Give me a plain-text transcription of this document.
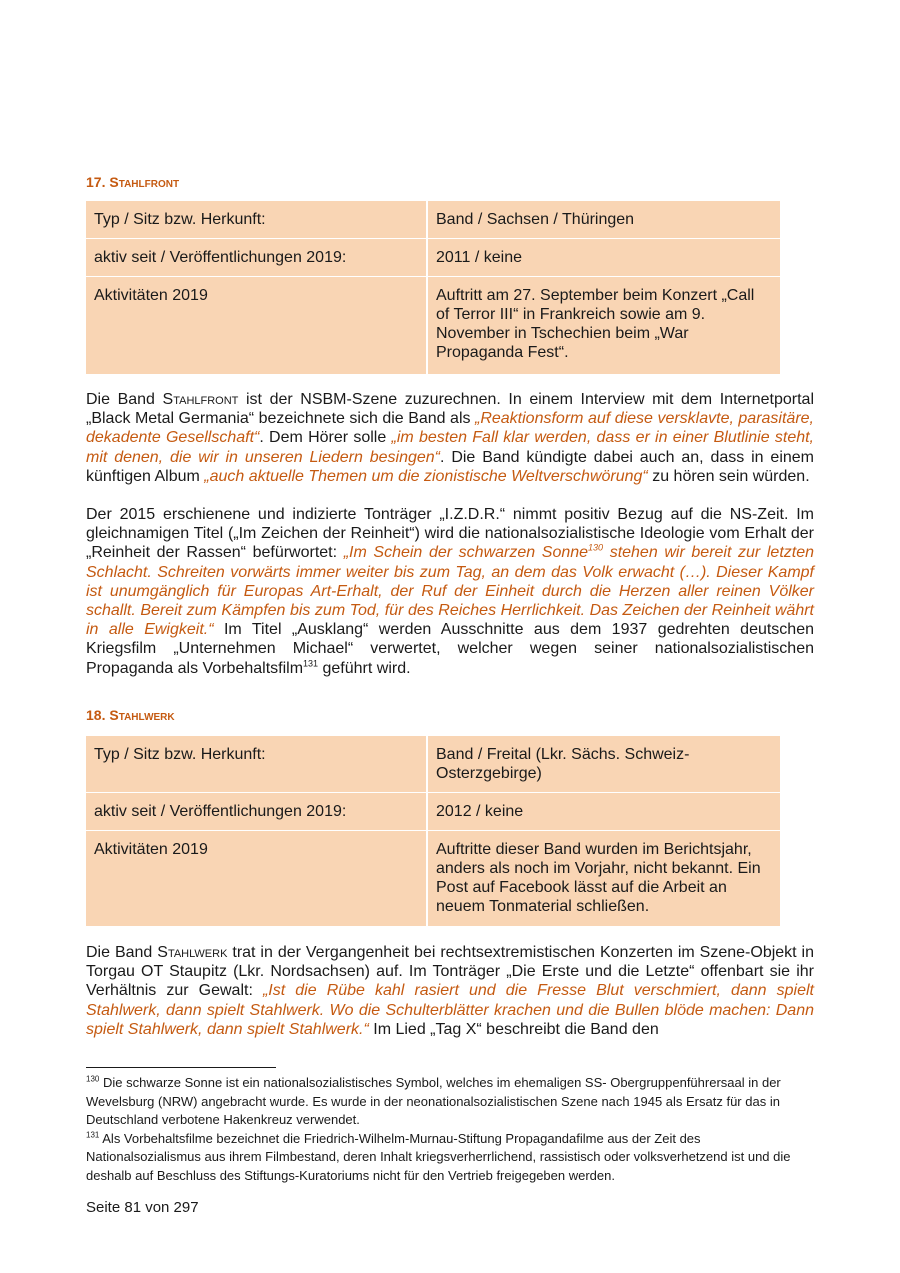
17. Stahlfront
Typ / Sitz bzw. Herkunft:	Band / Sachsen / Thüringen
aktiv seit / Veröffentlichungen 2019:	2011 / keine
Aktivitäten 2019	Auftritt am 27. September beim Konzert „Call of Terror III“ in Frankreich sowie am 9. November in Tschechien beim „War Propaganda Fest“.
Die Band Stahlfront ist der NSBM-Szene zuzurechnen. In einem Interview mit dem Internetportal „Black Metal Germania“ bezeichnete sich die Band als „Reaktionsform auf diese versklavte, parasitäre, dekadente Gesellschaft“. Dem Hörer solle „im besten Fall klar werden, dass er in einer Blutlinie steht, mit denen, die wir in unseren Liedern besingen“. Die Band kündigte dabei auch an, dass in einem künftigen Album „auch aktuelle Themen um die zionistische Weltverschwörung“ zu hören sein würden.
Der 2015 erschienene und indizierte Tonträger „I.Z.D.R.“ nimmt positiv Bezug auf die NS-Zeit. Im gleichnamigen Titel („Im Zeichen der Reinheit“) wird die nationalsozialistische Ideologie vom Erhalt der „Reinheit der Rassen“ befürwortet: „Im Schein der schwarzen Sonne$^{130}$ stehen wir bereit zur letzten Schlacht. Schreiten vorwärts immer weiter bis zum Tag, an dem das Volk erwacht (…). Dieser Kampf ist unumgänglich für Europas Art-Erhalt, der Ruf der Einheit durch die Herzen aller reinen Völker schallt. Bereit zum Kämpfen bis zum Tod, für des Reiches Herrlichkeit. Das Zeichen der Reinheit währt in alle Ewigkeit.“ Im Titel „Ausklang“ werden Ausschnitte aus dem 1937 gedrehten deutschen Kriegsfilm „Unternehmen Michael“ verwertet, welcher wegen seiner nationalsozialistischen Propaganda als Vorbehaltsfilm$^{131}$ geführt wird.
18. Stahlwerk
Typ / Sitz bzw. Herkunft:	Band / Freital (Lkr. Sächs. Schweiz-Osterzgebirge)
aktiv seit / Veröffentlichungen 2019:	2012 / keine
Aktivitäten 2019	Auftritte dieser Band wurden im Berichtsjahr, anders als noch im Vorjahr, nicht bekannt. Ein Post auf Facebook lässt auf die Arbeit an neuem Tonmaterial schließen.
Die Band Stahlwerk trat in der Vergangenheit bei rechtsextremistischen Konzerten im Szene-Objekt in Torgau OT Staupitz (Lkr. Nordsachsen) auf. Im Tonträger „Die Erste und die Letzte“ offenbart sie ihr Verhältnis zur Gewalt: „Ist die Rübe kahl rasiert und die Fresse Blut verschmiert, dann spielt Stahlwerk, dann spielt Stahlwerk. Wo die Schulterblätter krachen und die Bullen blöde machen: Dann spielt Stahlwerk, dann spielt Stahlwerk.“ Im Lied „Tag X“ beschreibt die Band den
$^{130}$ Die schwarze Sonne ist ein nationalsozialistisches Symbol, welches im ehemaligen SS- Obergruppenführersaal in der Wevelsburg (NRW) angebracht wurde. Es wurde in der neonationalsozialistischen Szene nach 1945 als Ersatz für das in Deutschland verbotene Hakenkreuz verwendet.
$^{131}$ Als Vorbehaltsfilme bezeichnet die Friedrich-Wilhelm-Murnau-Stiftung Propagandafilme aus der Zeit des Nationalsozialismus aus ihrem Filmbestand, deren Inhalt kriegsverherrlichend, rassistisch oder volksverhetzend ist und die deshalb auf Beschluss des Stiftungs-Kuratoriums nicht für den Vertrieb freigegeben werden.
Seite 81 von 297
